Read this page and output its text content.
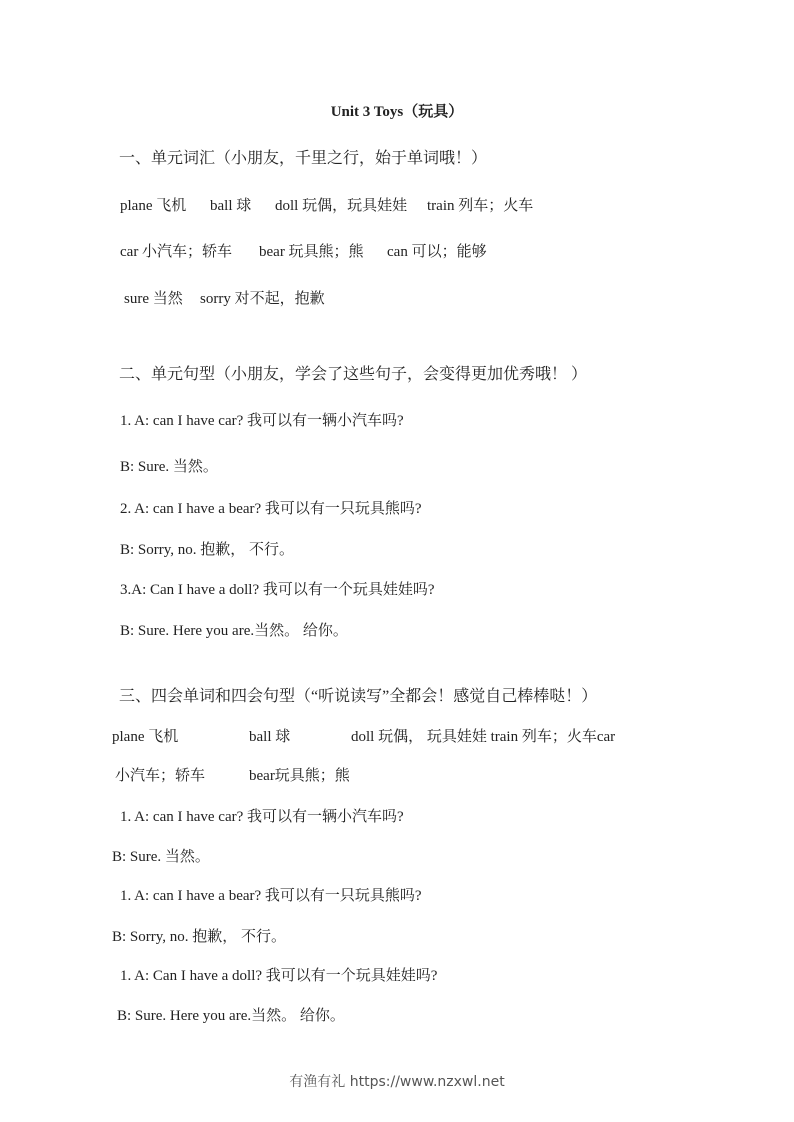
Unit 3 Toys（玩具）
一、单元词汇（小朋友，千里之行，始于单词哦！）
plane 飞机 ball 球 doll 玩偶，玩具娃娃 train 列车；火车
car 小汽车；轿车 bear 玩具熊；熊 can 可以；能够
sure 当然 sorry 对不起，抱歉
二、单元句型（小朋友，学会了这些句子，会变得更加优秀哦！ ）
1. A: can I have car? 我可以有一辆小汽车吗?
B: Sure. 当然。
2. A: can I have a bear? 我可以有一只玩具熊吗?
B: Sorry, no. 抱歉， 不行。
3.A: Can I have a doll? 我可以有一个玩具娃娃吗?
B: Sure. Here you are.当然。 给你。
三、四会单词和四会句型（“听说读写”全都会！感觉自己棒棒哒！）
plane 飞机	ball 球	doll 玩偶， 玩具娃娃 train 列车；火车car
小汽车；轿车	bear玩具熊；熊
1. A: can I have car? 我可以有一辆小汽车吗?
B: Sure. 当然。
1. A: can I have a bear? 我可以有一只玩具熊吗?
B: Sorry, no. 抱歉， 不行。
1. A: Can I have a doll? 我可以有一个玩具娃娃吗?
B: Sure. Here you are.当然。 给你。
有渔有礼 https://www.nzxwl.net
